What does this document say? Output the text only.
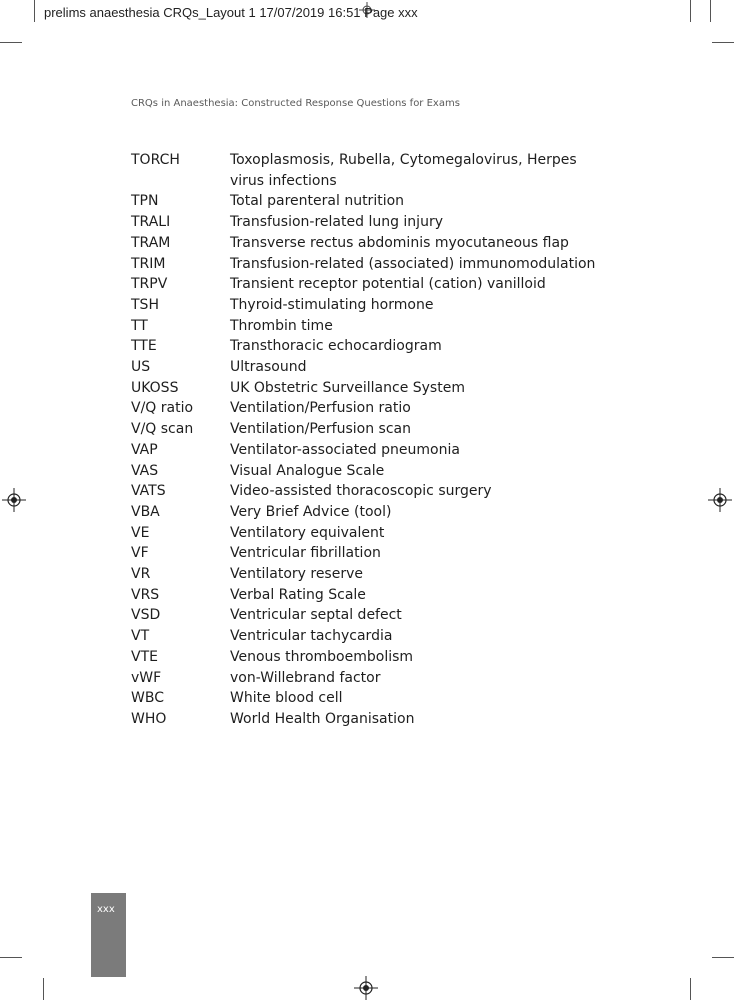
prelims anaesthesia CRQs_Layout 1 17/07/2019 16:51 Page xxx
CRQs in Anaesthesia: Constructed Response Questions for Exams
TORCH	Toxoplasmosis, Rubella, Cytomegalovirus, Herpes virus infections
TPN	Total parenteral nutrition
TRALI	Transfusion-related lung injury
TRAM	Transverse rectus abdominis myocutaneous flap
TRIM	Transfusion-related (associated) immunomodulation
TRPV	Transient receptor potential (cation) vanilloid
TSH	Thyroid-stimulating hormone
TT	Thrombin time
TTE	Transthoracic echocardiogram
US	Ultrasound
UKOSS	UK Obstetric Surveillance System
V/Q ratio	Ventilation/Perfusion ratio
V/Q scan	Ventilation/Perfusion scan
VAP	Ventilator-associated pneumonia
VAS	Visual Analogue Scale
VATS	Video-assisted thoracoscopic surgery
VBA	Very Brief Advice (tool)
VE	Ventilatory equivalent
VF	Ventricular fibrillation
VR	Ventilatory reserve
VRS	Verbal Rating Scale
VSD	Ventricular septal defect
VT	Ventricular tachycardia
VTE	Venous thromboembolism
vWF	von-Willebrand factor
WBC	White blood cell
WHO	World Health Organisation
xxx
